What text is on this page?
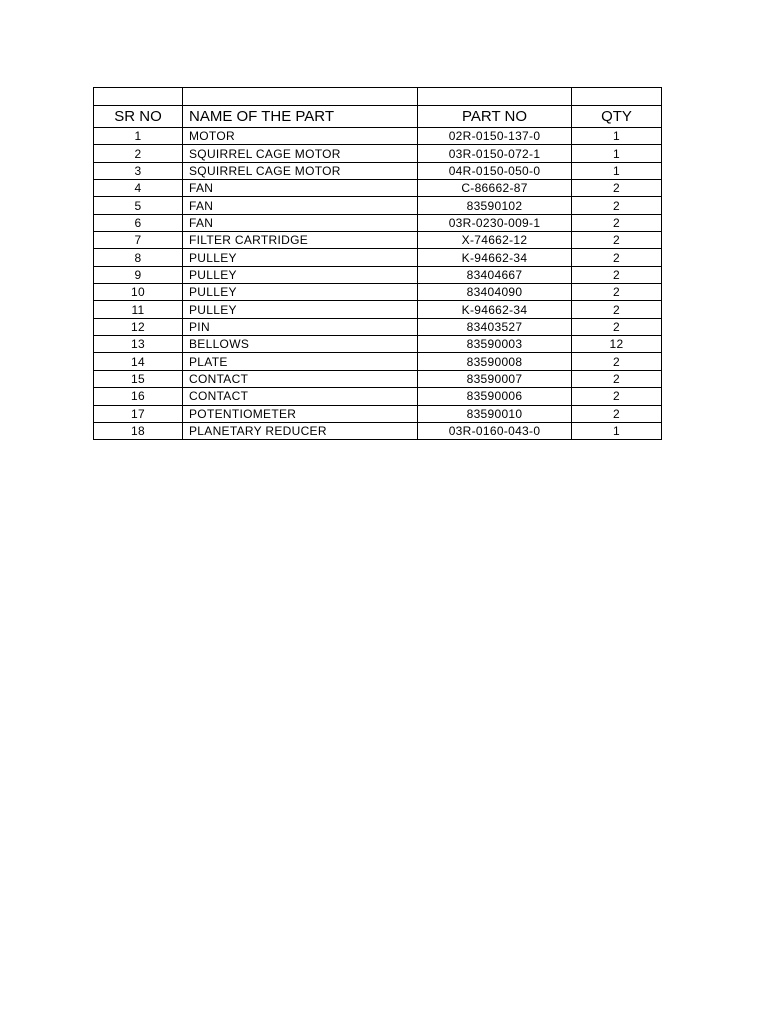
SR NO	NAME OF THE PART	PART NO	QTY
1	MOTOR	02R-0150-137-0	1
2	SQUIRREL CAGE MOTOR	03R-0150-072-1	1
3	SQUIRREL CAGE MOTOR	04R-0150-050-0	1
4	FAN	C-86662-87	2
5	FAN	83590102	2
6	FAN	03R-0230-009-1	2
7	FILTER CARTRIDGE	X-74662-12	2
8	PULLEY	K-94662-34	2
9	PULLEY	83404667	2
10	PULLEY	83404090	2
11	PULLEY	K-94662-34	2
12	PIN	83403527	2
13	BELLOWS	83590003	12
14	PLATE	83590008	2
15	CONTACT	83590007	2
16	CONTACT	83590006	2
17	POTENTIOMETER	83590010	2
18	PLANETARY REDUCER	03R-0160-043-0	1
